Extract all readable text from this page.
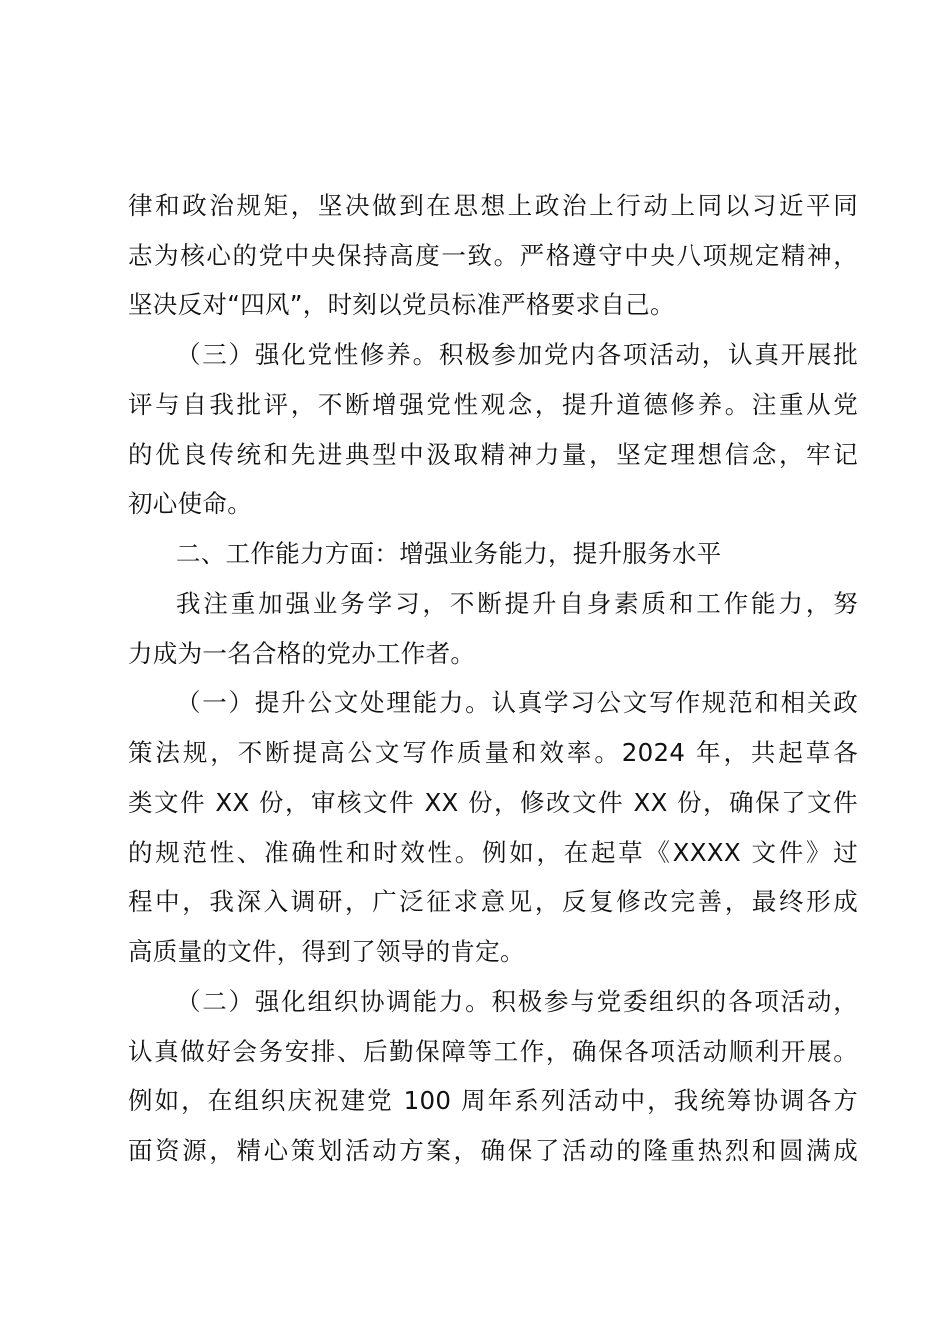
律和政治规矩，坚决做到在思想上政治上行动上同以习近平同
志为核心的党中央保持高度一致。严格遵守中央八项规定精神，
坚决反对“四风”，时刻以党员标准严格要求自己。
（三）强化党性修养。积极参加党内各项活动，认真开展批
评与自我批评，不断增强党性观念，提升道德修养。注重从党
的优良传统和先进典型中汲取精神力量，坚定理想信念，牢记
初心使命。
二、工作能力方面：增强业务能力，提升服务水平
我注重加强业务学习，不断提升自身素质和工作能力，努
力成为一名合格的党办工作者。
（一）提升公文处理能力。认真学习公文写作规范和相关政
策法规，不断提高公文写作质量和效率。2024 年，共起草各
类文件 XX 份，审核文件 XX 份，修改文件 XX 份，确保了文件
的规范性、准确性和时效性。例如，在起草《XXXX 文件》过
程中，我深入调研，广泛征求意见，反复修改完善，最终形成
高质量的文件，得到了领导的肯定。
（二）强化组织协调能力。积极参与党委组织的各项活动，
认真做好会务安排、后勤保障等工作，确保各项活动顺利开展。
例如，在组织庆祝建党 100 周年系列活动中，我统筹协调各方
面资源，精心策划活动方案，确保了活动的隆重热烈和圆满成
